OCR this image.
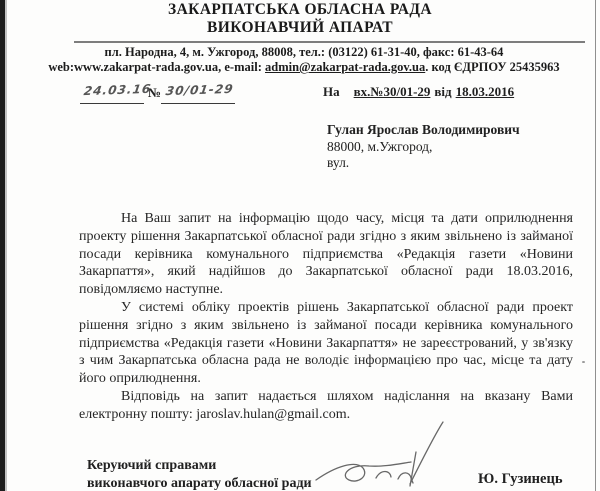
ЗАКАРПАТСЬКА ОБЛАСНА РАДА
ВИКОНАВЧИЙ АПАРАТ
пл. Народна, 4, м. Ужгород, 88008, тел.: (03122) 61-31-40, факс: 61-43-64
web:www.zakarpat-rada.gov.ua, e-mail: admin@zakarpat-rada.gov.ua. код ЄДРПОУ 25435963
24.03.16
№ 30/01-29	На вх.№30/01-29 від 18.03.2016
Гулан Ярослав Володимирович
88000, м.Ужгород,
вул.

На Ваш запит на інформацію щодо часу, місця та дати оприлюднення проекту рішення Закарпатської обласної ради згідно з яким звільнено із займаної посади керівника комунального підприємства «Редакція газети «Новини Закарпаття», який надійшов до Закарпатської обласної ради 18.03.2016, повідомляємо наступне.

У системі обліку проектів рішень Закарпатської обласної ради проект рішення згідно з яким звільнено із займаної посади керівника комунального підприємства «Редакція газети «Новини Закарпаття» не зареєстрований, у зв'язку з чим Закарпатська обласна рада не володіє інформацією про час, місце та дату його оприлюднення.

Відповідь на запит надається шляхом надіслання на вказану Вами електронну пошту: jaroslav.hulan@gmail.com.

Керуючий справами
виконавчого апарату обласної ради	Ю. Гузинець
